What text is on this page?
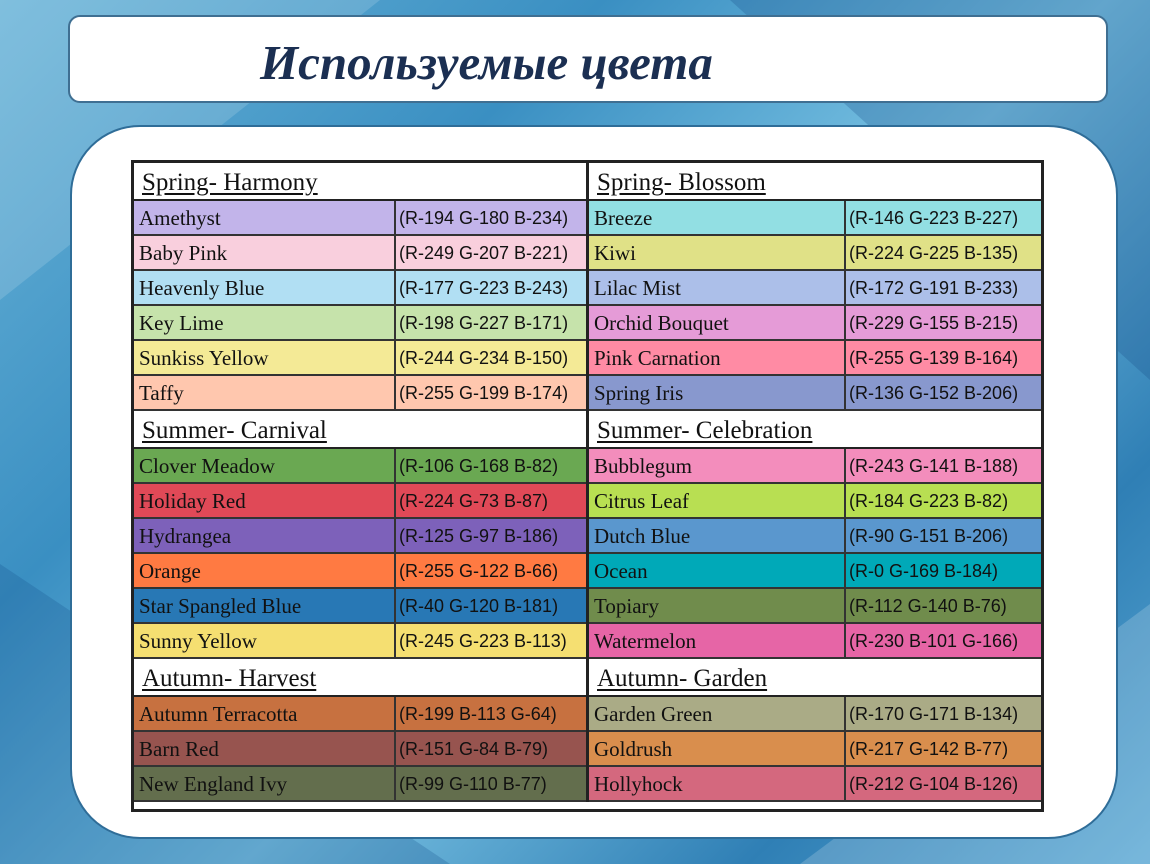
Используемые цвета
Spring- Harmony
Amethyst	(R-194 G-180 B-234)
Baby Pink	(R-249 G-207 B-221)
Heavenly Blue	(R-177 G-223 B-243)
Key Lime	(R-198 G-227 B-171)
Sunkiss Yellow	(R-244 G-234 B-150)
Taffy	(R-255 G-199 B-174)
Spring- Blossom
Breeze	(R-146 G-223 B-227)
Kiwi	(R-224 G-225 B-135)
Lilac Mist	(R-172 G-191 B-233)
Orchid Bouquet	(R-229 G-155 B-215)
Pink Carnation	(R-255 G-139 B-164)
Spring Iris	(R-136 G-152 B-206)
Summer- Carnival
Clover Meadow	(R-106 G-168 B-82)
Holiday Red	(R-224 G-73 B-87)
Hydrangea	(R-125 G-97 B-186)
Orange	(R-255 G-122 B-66)
Star Spangled Blue	(R-40 G-120 B-181)
Sunny Yellow	(R-245 G-223 B-113)
Summer- Celebration
Bubblegum	(R-243 G-141 B-188)
Citrus Leaf	(R-184 G-223 B-82)
Dutch Blue	(R-90 G-151 B-206)
Ocean	(R-0 G-169 B-184)
Topiary	(R-112 G-140 B-76)
Watermelon	(R-230 B-101 G-166)
Autumn- Harvest
Autumn Terracotta	(R-199 B-113 G-64)
Barn Red	(R-151 G-84 B-79)
New England Ivy	(R-99 G-110 B-77)
Autumn- Garden
Garden Green	(R-170 G-171 B-134)
Goldrush	(R-217 G-142 B-77)
Hollyhock	(R-212 G-104 B-126)
